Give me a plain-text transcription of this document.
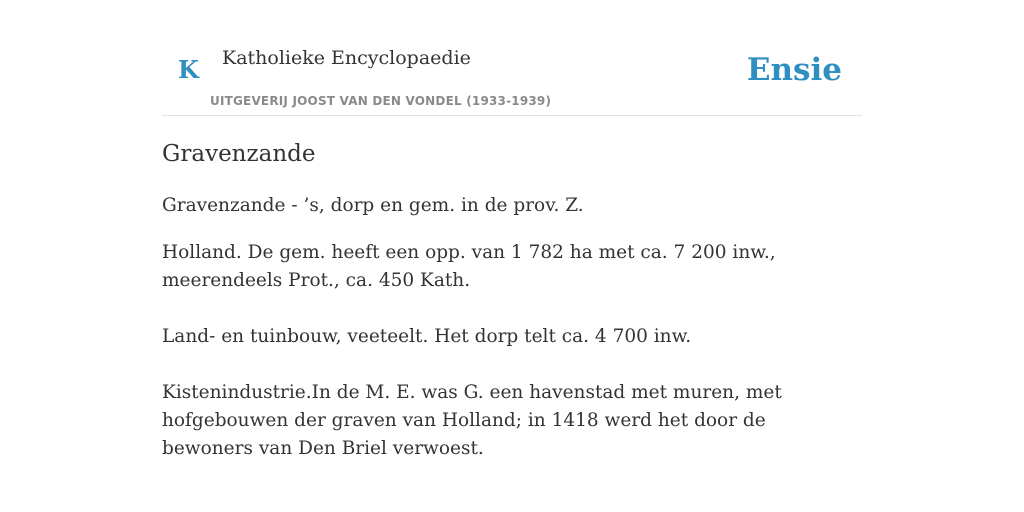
K Katholieke Encyclopaedie
UITGEVERIJ JOOST VAN DEN VONDEL (1933-1939)
Ensie
Gravenzande

Gravenzande - ’s, dorp en gem. in de prov. Z.

Holland. De gem. heeft een opp. van 1 782 ha met ca. 7 200 inw., meerendeels Prot., ca. 450 Kath.

Land- en tuinbouw, veeteelt. Het dorp telt ca. 4 700 inw.

Kistenindustrie.In de M. E. was G. een havenstad met muren, met hofgebouwen der graven van Holland; in 1418 werd het door de bewoners van Den Briel verwoest.
